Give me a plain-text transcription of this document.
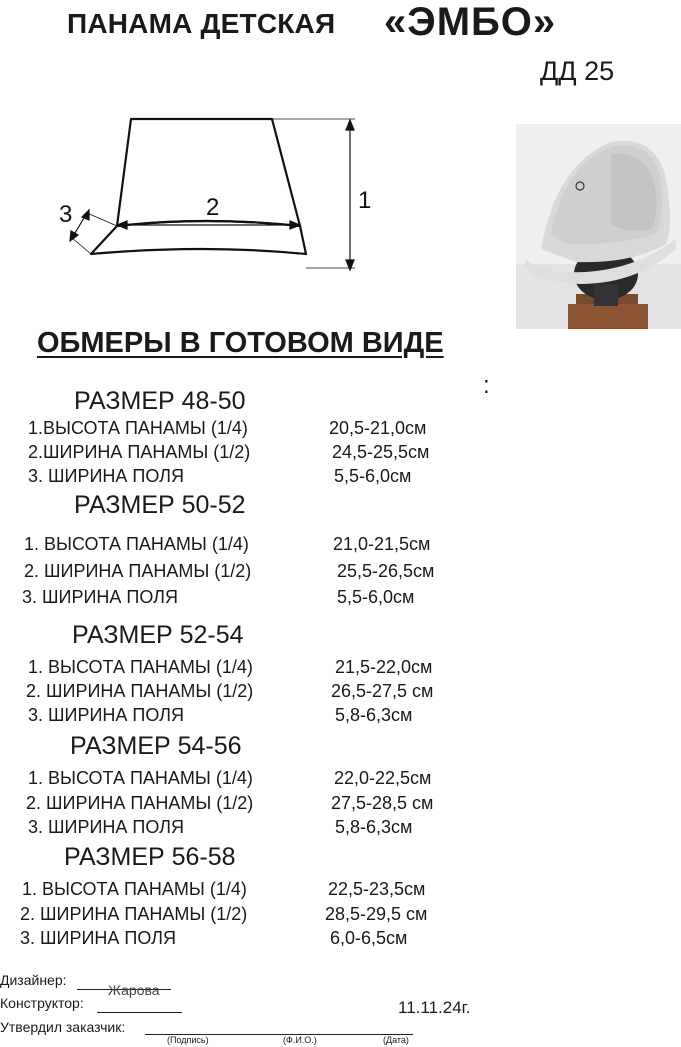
ПАНАМА ДЕТСКАЯ «ЭМБО»
ДД 25
1
2
3
ОБМЕРЫ В ГОТОВОМ ВИДЕ
:
РАЗМЕР 48-50
1.ВЫСОТА ПАНАМЫ (1/4)	20,5-21,0см
2.ШИРИНА ПАНАМЫ (1/2)	24,5-25,5см
3. ШИРИНА ПОЛЯ	5,5-6,0см
РАЗМЕР 50-52
1. ВЫСОТА ПАНАМЫ (1/4)	21,0-21,5см
2. ШИРИНА ПАНАМЫ (1/2)	25,5-26,5см
3. ШИРИНА ПОЛЯ	5,5-6,0см
РАЗМЕР 52-54
1. ВЫСОТА ПАНАМЫ (1/4)	21,5-22,0см
2. ШИРИНА ПАНАМЫ (1/2)	26,5-27,5 см
3. ШИРИНА ПОЛЯ	5,8-6,3см
РАЗМЕР 54-56
1. ВЫСОТА ПАНАМЫ (1/4)	22,0-22,5см
2. ШИРИНА ПАНАМЫ (1/2)	27,5-28,5 см
3. ШИРИНА ПОЛЯ	5,8-6,3см
РАЗМЕР 56-58
1. ВЫСОТА ПАНАМЫ (1/4)	22,5-23,5см
2. ШИРИНА ПАНАМЫ (1/2)	28,5-29,5 см
3. ШИРИНА ПОЛЯ	6,0-6,5см
Дизайнер:
Жарова
Конструктор:
Утвердил заказчик:
(Подпись)	(Ф.И.О.)	(Дата)
11.11.24г.
